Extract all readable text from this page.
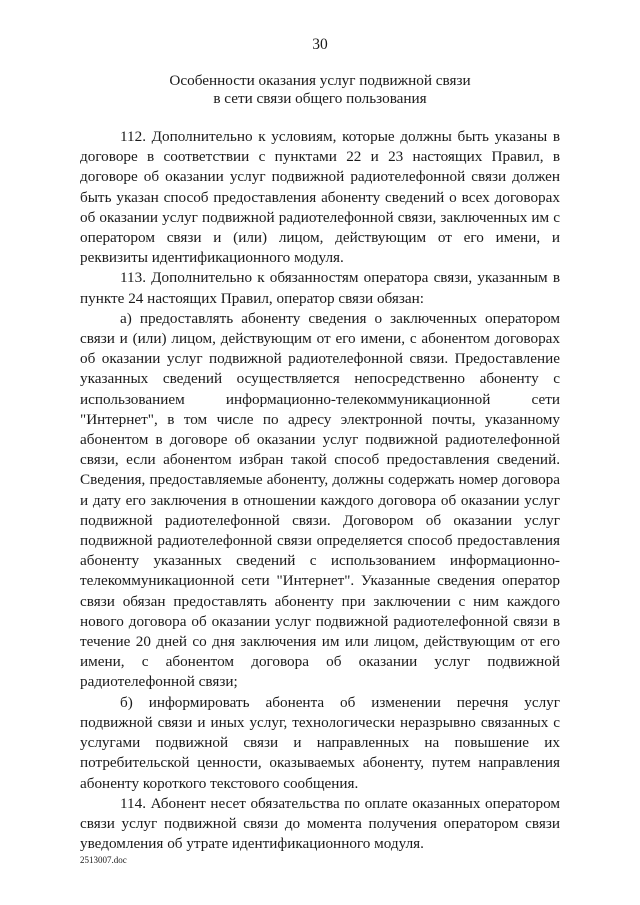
30
Особенности оказания услуг подвижной связи
в сети связи общего пользования

112. Дополнительно к условиям, которые должны быть указаны в договоре в соответствии с пунктами 22 и 23 настоящих Правил, в договоре об оказании услуг подвижной радиотелефонной связи должен быть указан способ предоставления абоненту сведений о всех договорах об оказании услуг подвижной радиотелефонной связи, заключенных им с оператором связи и (или) лицом, действующим от его имени, и реквизиты идентификационного модуля.

113. Дополнительно к обязанностям оператора связи, указанным в пункте 24 настоящих Правил, оператор связи обязан:

а) предоставлять абоненту сведения о заключенных оператором связи и (или) лицом, действующим от его имени, с абонентом договорах об оказании услуг подвижной радиотелефонной связи. Предоставление указанных сведений осуществляется непосредственно абоненту с использованием информационно-телекоммуникационной сети "Интернет", в том числе по адресу электронной почты, указанному абонентом в договоре об оказании услуг подвижной радиотелефонной связи, если абонентом избран такой способ предоставления сведений. Сведения, предоставляемые абоненту, должны содержать номер договора и дату его заключения в отношении каждого договора об оказании услуг подвижной радиотелефонной связи. Договором об оказании услуг подвижной радиотелефонной связи определяется способ предоставления абоненту указанных сведений с использованием информационно-телекоммуникационной сети "Интернет". Указанные сведения оператор связи обязан предоставлять абоненту при заключении с ним каждого нового договора об оказании услуг подвижной радиотелефонной связи в течение 20 дней со дня заключения им или лицом, действующим от его имени, с абонентом договора об оказании услуг подвижной радиотелефонной связи;

б) информировать абонента об изменении перечня услуг подвижной связи и иных услуг, технологически неразрывно связанных с услугами подвижной связи и направленных на повышение их потребительской ценности, оказываемых абоненту, путем направления абоненту короткого текстового сообщения.

114. Абонент несет обязательства по оплате оказанных оператором связи услуг подвижной связи до момента получения оператором связи уведомления об утрате идентификационного модуля.

2513007.doc
